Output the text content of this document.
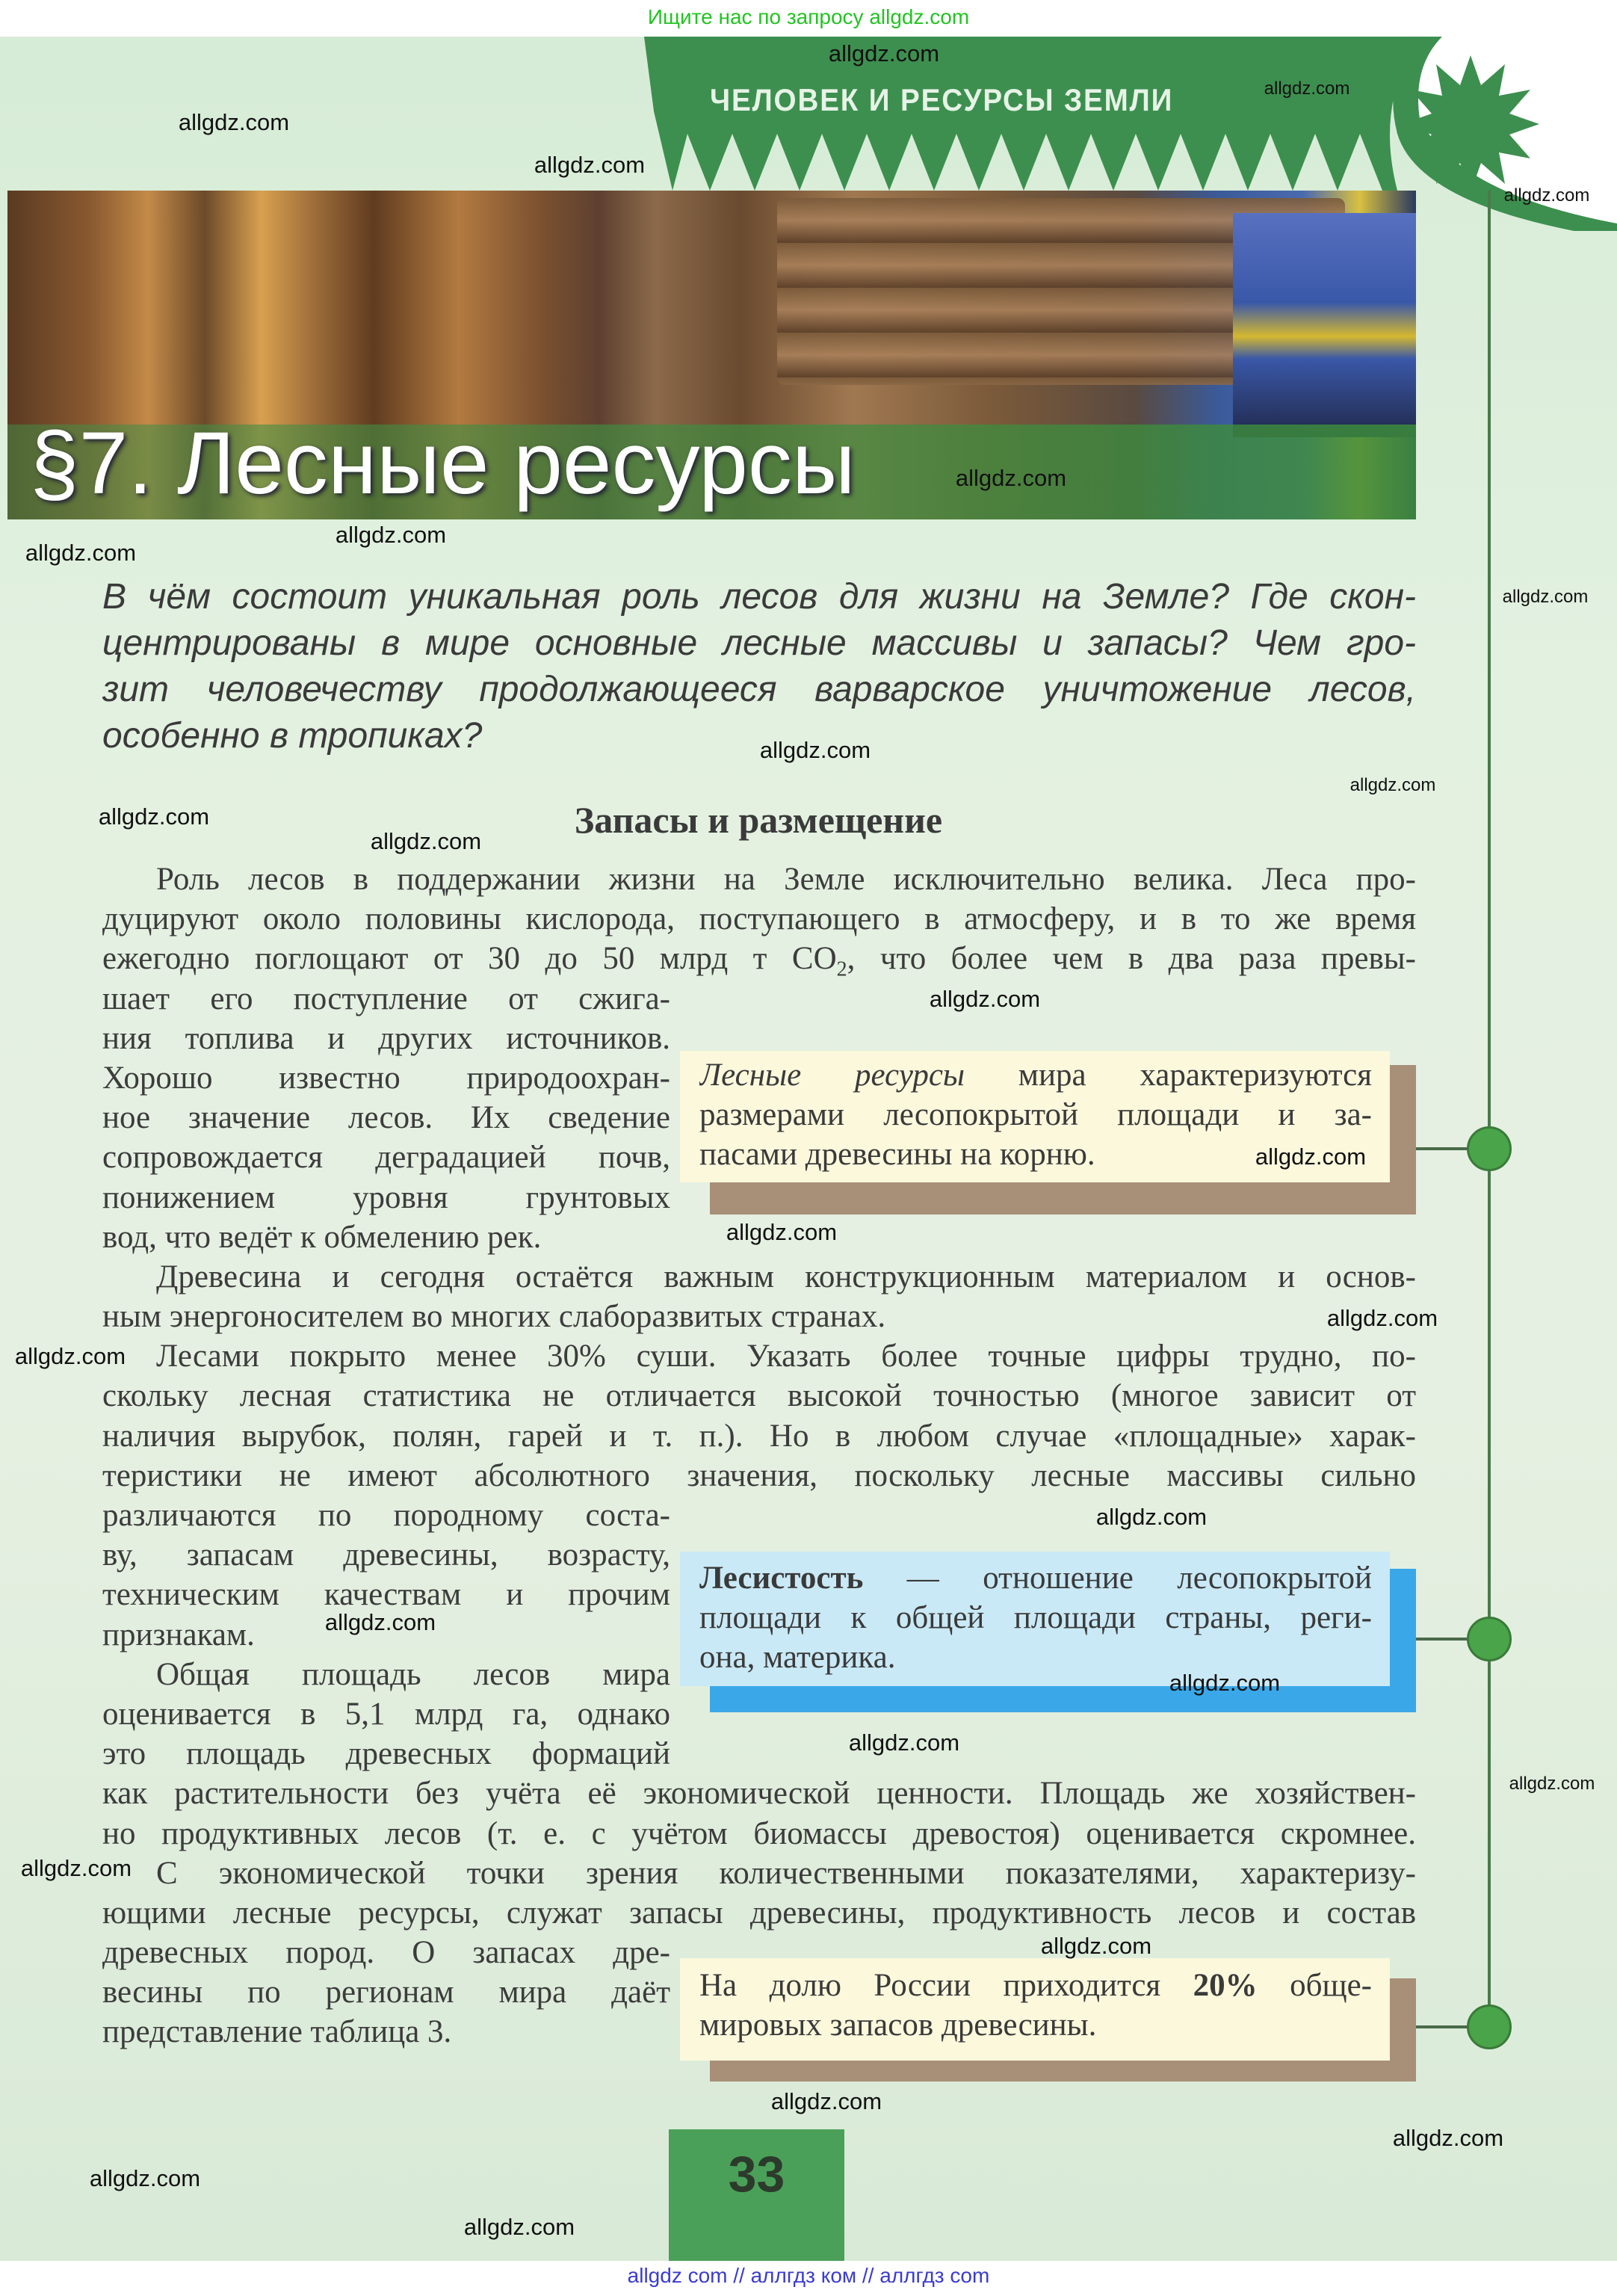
Ищите нас по запросу allgdz.com
ЧЕЛОВЕК И РЕСУРСЫ ЗЕМЛИ
§7. Лесные ресурсы
В чём состоит уникальная роль лесов для жизни на Земле? Где скон-
центрированы в мире основные лесные массивы и запасы? Чем гро-
зит человечеству продолжающееся варварское уничтожение лесов,
особенно в тропиках?
Запасы и размещение
Лесные ресурсы мира характеризуются
размерами лесопокрытой площади и за-
пасами древесины на корню.
Лесистость — отношение лесопокрытой
площади к общей площади страны, реги-
она, материка.
На долю России приходится 20% обще-
мировых запасов древесины.
Роль лесов в поддержании жизни на Земле исключительно велика. Леса про-
дуцируют около половины кислорода, поступающего в атмосферу, и в то же время
ежегодно поглощают от 30 до 50 млрд т $CO_2$, что более чем в два раза превы-
шает его поступление от сжига-
ния топлива и других источников.
Хорошо известно природоохран-
ное значение лесов. Их сведение
сопровождается деградацией почв,
понижением уровня грунтовых
вод, что ведёт к обмелению рек.
Древесина и сегодня остаётся важным конструкционным материалом и основ-
ным энергоносителем во многих слаборазвитых странах.
Лесами покрыто менее 30% суши. Указать более точные цифры трудно, по-
скольку лесная статистика не отличается высокой точностью (многое зависит от
наличия вырубок, полян, гарей и т. п.). Но в любом случае «площадные» харак-
теристики не имеют абсолютного значения, поскольку лесные массивы сильно
различаются по породному соста-
ву, запасам древесины, возрасту,
техническим качествам и прочим
признакам.
Общая площадь лесов мира
оценивается в 5,1 млрд га, однако
это площадь древесных формаций
как растительности без учёта её экономической ценности. Площадь же хозяйствен-
но продуктивных лесов (т. е. с учётом биомассы древостоя) оценивается скромнее.
С экономической точки зрения количественными показателями, характеризу-
ющими лесные ресурсы, служат запасы древесины, продуктивность лесов и состав
древесных пород. О запасах дре-
весины по регионам мира даёт
представление таблица 3.
33
allgdz com // аллгдз ком // аллгдз com
allgdz.com
allgdz.com
allgdz.com
allgdz.com
allgdz.com
allgdz.com
allgdz.com
allgdz.com
allgdz.com
allgdz.com
allgdz.com
allgdz.com
allgdz.com
allgdz.com
allgdz.com
allgdz.com
allgdz.com
allgdz.com
allgdz.com
allgdz.com
allgdz.com
allgdz.com
allgdz.com
allgdz.com
allgdz.com
allgdz.com
allgdz.com
allgdz.com
allgdz.com
